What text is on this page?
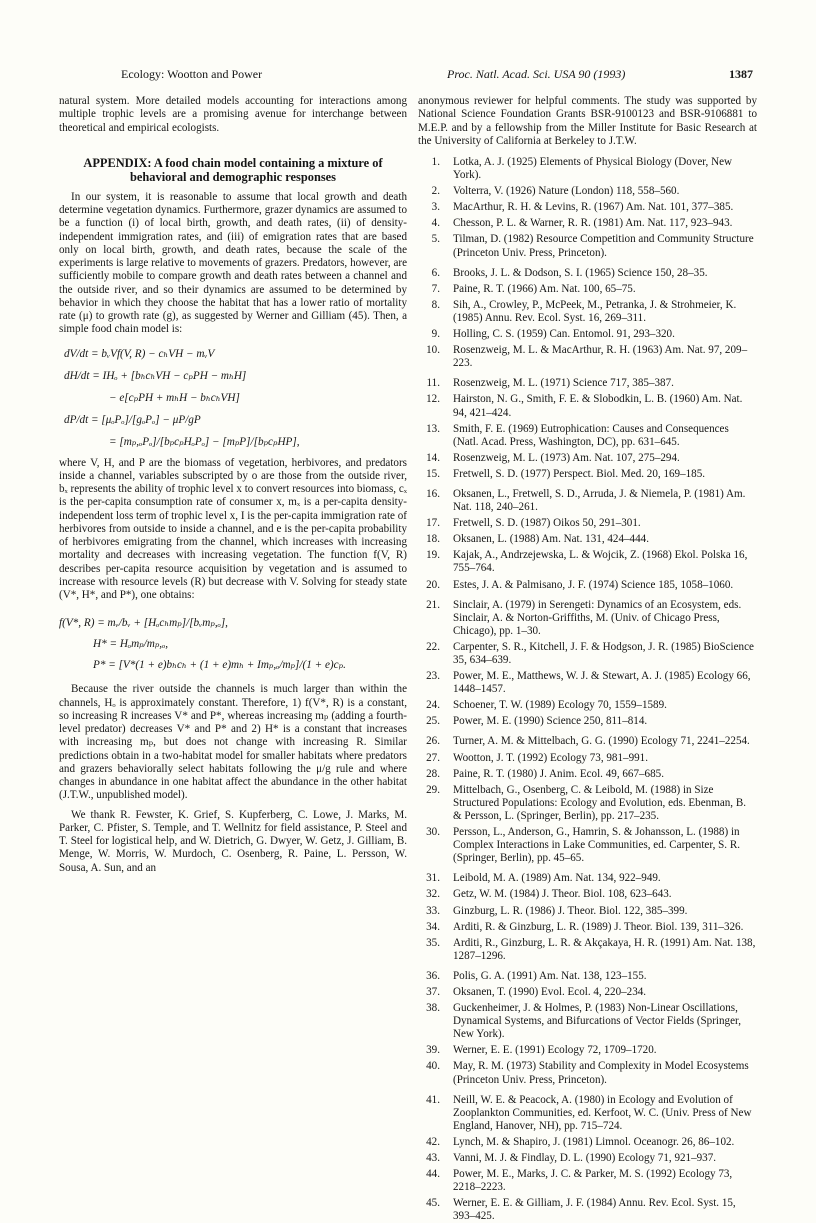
Ecology: Wootton and Power	Proc. Natl. Acad. Sci. USA 90 (1993)	1387

natural system. More detailed models accounting for interactions among multiple trophic levels are a promising avenue for interchange between theoretical and empirical ecologists.

APPENDIX: A food chain model containing a mixture of behavioral and demographic responses

In our system, it is reasonable to assume that local growth and death determine vegetation dynamics. Furthermore, grazer dynamics are assumed to be a function (i) of local birth, growth, and death rates, (ii) of density-independent immigration rates, and (iii) of emigration rates that are based only on local birth, growth, and death rates, because the scale of the experiments is large relative to movements of grazers. Predators, however, are sufficiently mobile to compare growth and death rates between a channel and the outside river, and so their dynamics are assumed to be determined by behavior in which they choose the habitat that has a lower ratio of mortality rate (μ) to growth rate (g), as suggested by Werner and Gilliam (45). Then, a simple food chain model is:

dV/dt = bᵥVf(V, R) − cₕVH − mᵥV
dH/dt = IHₒ + [bₕcₕVH − cₚPH − mₕH]
− e[cₚPH + mₕH − bₕcₕVH]
dP/dt = [μₒPₒ]/[gₒPₒ] − μP/gP
= [mₚ,ₒPₒ]/[bₚcₚHₒPₒ] − [mₚP]/[bₚcₚHP],

where V, H, and P are the biomass of vegetation, herbivores, and predators inside a channel, variables subscripted by o are those from the outside river, bₓ represents the ability of trophic level x to convert resources into biomass, cₓ is the per-capita consumption rate of consumer x, mₓ is a per-capita density-independent loss term of trophic level x, I is the per-capita immigration rate of herbivores from outside to inside a channel, and e is the per-capita probability of herbivores emigrating from the channel, which increases with increasing mortality and decreases with increasing vegetation. The function f(V, R) describes per-capita resource acquisition by vegetation and is assumed to increase with resource levels (R) but decrease with V. Solving for steady state (V*, H*, and P*), one obtains:

f(V*, R) = mᵥ/bᵥ + [Hₒcₕmₚ]/[bᵥmₚ,ₒ],
H* = Hₒmₚ/mₚ,ₒ,
P* = [V*(1 + e)bₕcₕ + (1 + e)mₕ + Imₚ,ₒ/mₚ]/(1 + e)cₚ.

Because the river outside the channels is much larger than within the channels, Hₒ is approximately constant. Therefore, 1) f(V*, R) is a constant, so increasing R increases V* and P*, whereas increasing mₚ (adding a fourth-level predator) decreases V* and P* and 2) H* is a constant that increases with increasing mₚ, but does not change with increasing R. Similar predictions obtain in a two-habitat model for smaller habitats where predators and grazers behaviorally select habitats following the μ/g rule and where changes in abundance in one habitat affect the abundance in the other habitat (J.T.W., unpublished model).

We thank R. Fewster, K. Grief, S. Kupferberg, C. Lowe, J. Marks, M. Parker, C. Pfister, S. Temple, and T. Wellnitz for field assistance, P. Steel and T. Steel for logistical help, and W. Dietrich, G. Dwyer, W. Getz, J. Gilliam, B. Menge, W. Morris, W. Murdoch, C. Osenberg, R. Paine, L. Persson, W. Sousa, A. Sun, and an

anonymous reviewer for helpful comments. The study was supported by National Science Foundation Grants BSR-9100123 and BSR-9106881 to M.E.P. and by a fellowship from the Miller Institute for Basic Research at the University of California at Berkeley to J.T.W.

1. Lotka, A. J. (1925) Elements of Physical Biology (Dover, New York).
2. Volterra, V. (1926) Nature (London) 118, 558–560.
3. MacArthur, R. H. & Levins, R. (1967) Am. Nat. 101, 377–385.
4. Chesson, P. L. & Warner, R. R. (1981) Am. Nat. 117, 923–943.
5. Tilman, D. (1982) Resource Competition and Community Structure (Princeton Univ. Press, Princeton).
6. Brooks, J. L. & Dodson, S. I. (1965) Science 150, 28–35.
7. Paine, R. T. (1966) Am. Nat. 100, 65–75.
8. Sih, A., Crowley, P., McPeek, M., Petranka, J. & Strohmeier, K. (1985) Annu. Rev. Ecol. Syst. 16, 269–311.
9. Holling, C. S. (1959) Can. Entomol. 91, 293–320.
10. Rosenzweig, M. L. & MacArthur, R. H. (1963) Am. Nat. 97, 209–223.
11. Rosenzweig, M. L. (1971) Science 717, 385–387.
12. Hairston, N. G., Smith, F. E. & Slobodkin, L. B. (1960) Am. Nat. 94, 421–424.
13. Smith, F. E. (1969) Eutrophication: Causes and Consequences (Natl. Acad. Press, Washington, DC), pp. 631–645.
14. Rosenzweig, M. L. (1973) Am. Nat. 107, 275–294.
15. Fretwell, S. D. (1977) Perspect. Biol. Med. 20, 169–185.
16. Oksanen, L., Fretwell, S. D., Arruda, J. & Niemela, P. (1981) Am. Nat. 118, 240–261.
17. Fretwell, S. D. (1987) Oikos 50, 291–301.
18. Oksanen, L. (1988) Am. Nat. 131, 424–444.
19. Kajak, A., Andrzejewska, L. & Wojcik, Z. (1968) Ekol. Polska 16, 755–764.
20. Estes, J. A. & Palmisano, J. F. (1974) Science 185, 1058–1060.
21. Sinclair, A. (1979) in Serengeti: Dynamics of an Ecosystem, eds. Sinclair, A. & Norton-Griffiths, M. (Univ. of Chicago Press, Chicago), pp. 1–30.
22. Carpenter, S. R., Kitchell, J. F. & Hodgson, J. R. (1985) BioScience 35, 634–639.
23. Power, M. E., Matthews, W. J. & Stewart, A. J. (1985) Ecology 66, 1448–1457.
24. Schoener, T. W. (1989) Ecology 70, 1559–1589.
25. Power, M. E. (1990) Science 250, 811–814.
26. Turner, A. M. & Mittelbach, G. G. (1990) Ecology 71, 2241–2254.
27. Wootton, J. T. (1992) Ecology 73, 981–991.
28. Paine, R. T. (1980) J. Anim. Ecol. 49, 667–685.
29. Mittelbach, G., Osenberg, C. & Leibold, M. (1988) in Size Structured Populations: Ecology and Evolution, eds. Ebenman, B. & Persson, L. (Springer, Berlin), pp. 217–235.
30. Persson, L., Anderson, G., Hamrin, S. & Johansson, L. (1988) in Complex Interactions in Lake Communities, ed. Carpenter, S. R. (Springer, Berlin), pp. 45–65.
31. Leibold, M. A. (1989) Am. Nat. 134, 922–949.
32. Getz, W. M. (1984) J. Theor. Biol. 108, 623–643.
33. Ginzburg, L. R. (1986) J. Theor. Biol. 122, 385–399.
34. Arditi, R. & Ginzburg, L. R. (1989) J. Theor. Biol. 139, 311–326.
35. Arditi, R., Ginzburg, L. R. & Akçakaya, H. R. (1991) Am. Nat. 138, 1287–1296.
36. Polis, G. A. (1991) Am. Nat. 138, 123–155.
37. Oksanen, T. (1990) Evol. Ecol. 4, 220–234.
38. Guckenheimer, J. & Holmes, P. (1983) Non-Linear Oscillations, Dynamical Systems, and Bifurcations of Vector Fields (Springer, New York).
39. Werner, E. E. (1991) Ecology 72, 1709–1720.
40. May, R. M. (1973) Stability and Complexity in Model Ecosystems (Princeton Univ. Press, Princeton).
41. Neill, W. E. & Peacock, A. (1980) in Ecology and Evolution of Zooplankton Communities, ed. Kerfoot, W. C. (Univ. Press of New England, Hanover, NH), pp. 715–724.
42. Lynch, M. & Shapiro, J. (1981) Limnol. Oceanogr. 26, 86–102.
43. Vanni, M. J. & Findlay, D. L. (1990) Ecology 71, 921–937.
44. Power, M. E., Marks, J. C. & Parker, M. S. (1992) Ecology 73, 2218–2223.
45. Werner, E. E. & Gilliam, J. F. (1984) Annu. Rev. Ecol. Syst. 15, 393–425.
